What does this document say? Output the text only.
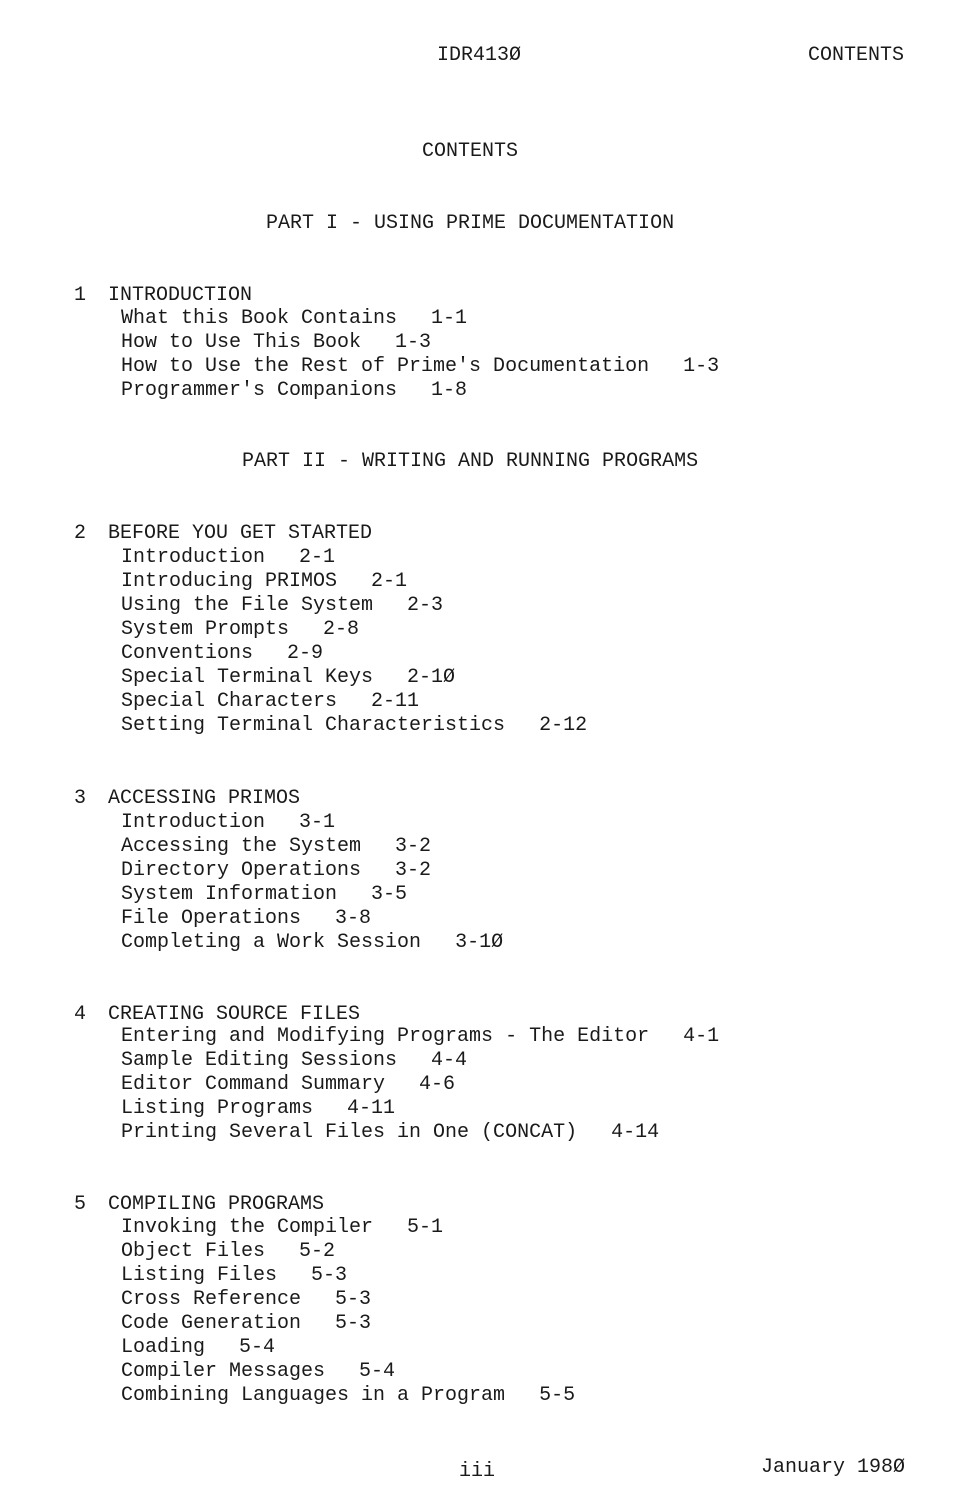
IDR413Ø	CONTENTS
CONTENTS
PART I - USING PRIME DOCUMENTATION

1 INTRODUCTION

What this Book Contains 1-1
How to Use This Book 1-3
How to Use the Rest of Prime's Documentation 1-3
Programmer's Companions 1-8
PART II - WRITING AND RUNNING PROGRAMS

2 BEFORE YOU GET STARTED

Introduction 2-1
Introducing PRIMOS 2-1
Using the File System 2-3
System Prompts 2-8
Conventions 2-9
Special Terminal Keys 2-1Ø
Special Characters 2-11
Setting Terminal Characteristics 2-12

3 ACCESSING PRIMOS

Introduction 3-1
Accessing the System 3-2
Directory Operations 3-2
System Information 3-5
File Operations 3-8
Completing a Work Session 3-1Ø

4 CREATING SOURCE FILES

Entering and Modifying Programs - The Editor 4-1
Sample Editing Sessions 4-4
Editor Command Summary 4-6
Listing Programs 4-11
Printing Several Files in One (CONCAT) 4-14

5 COMPILING PROGRAMS

Invoking the Compiler 5-1
Object Files 5-2
Listing Files 5-3
Cross Reference 5-3
Code Generation 5-3
Loading 5-4
Compiler Messages 5-4
Combining Languages in a Program 5-5
iii	January 198Ø
